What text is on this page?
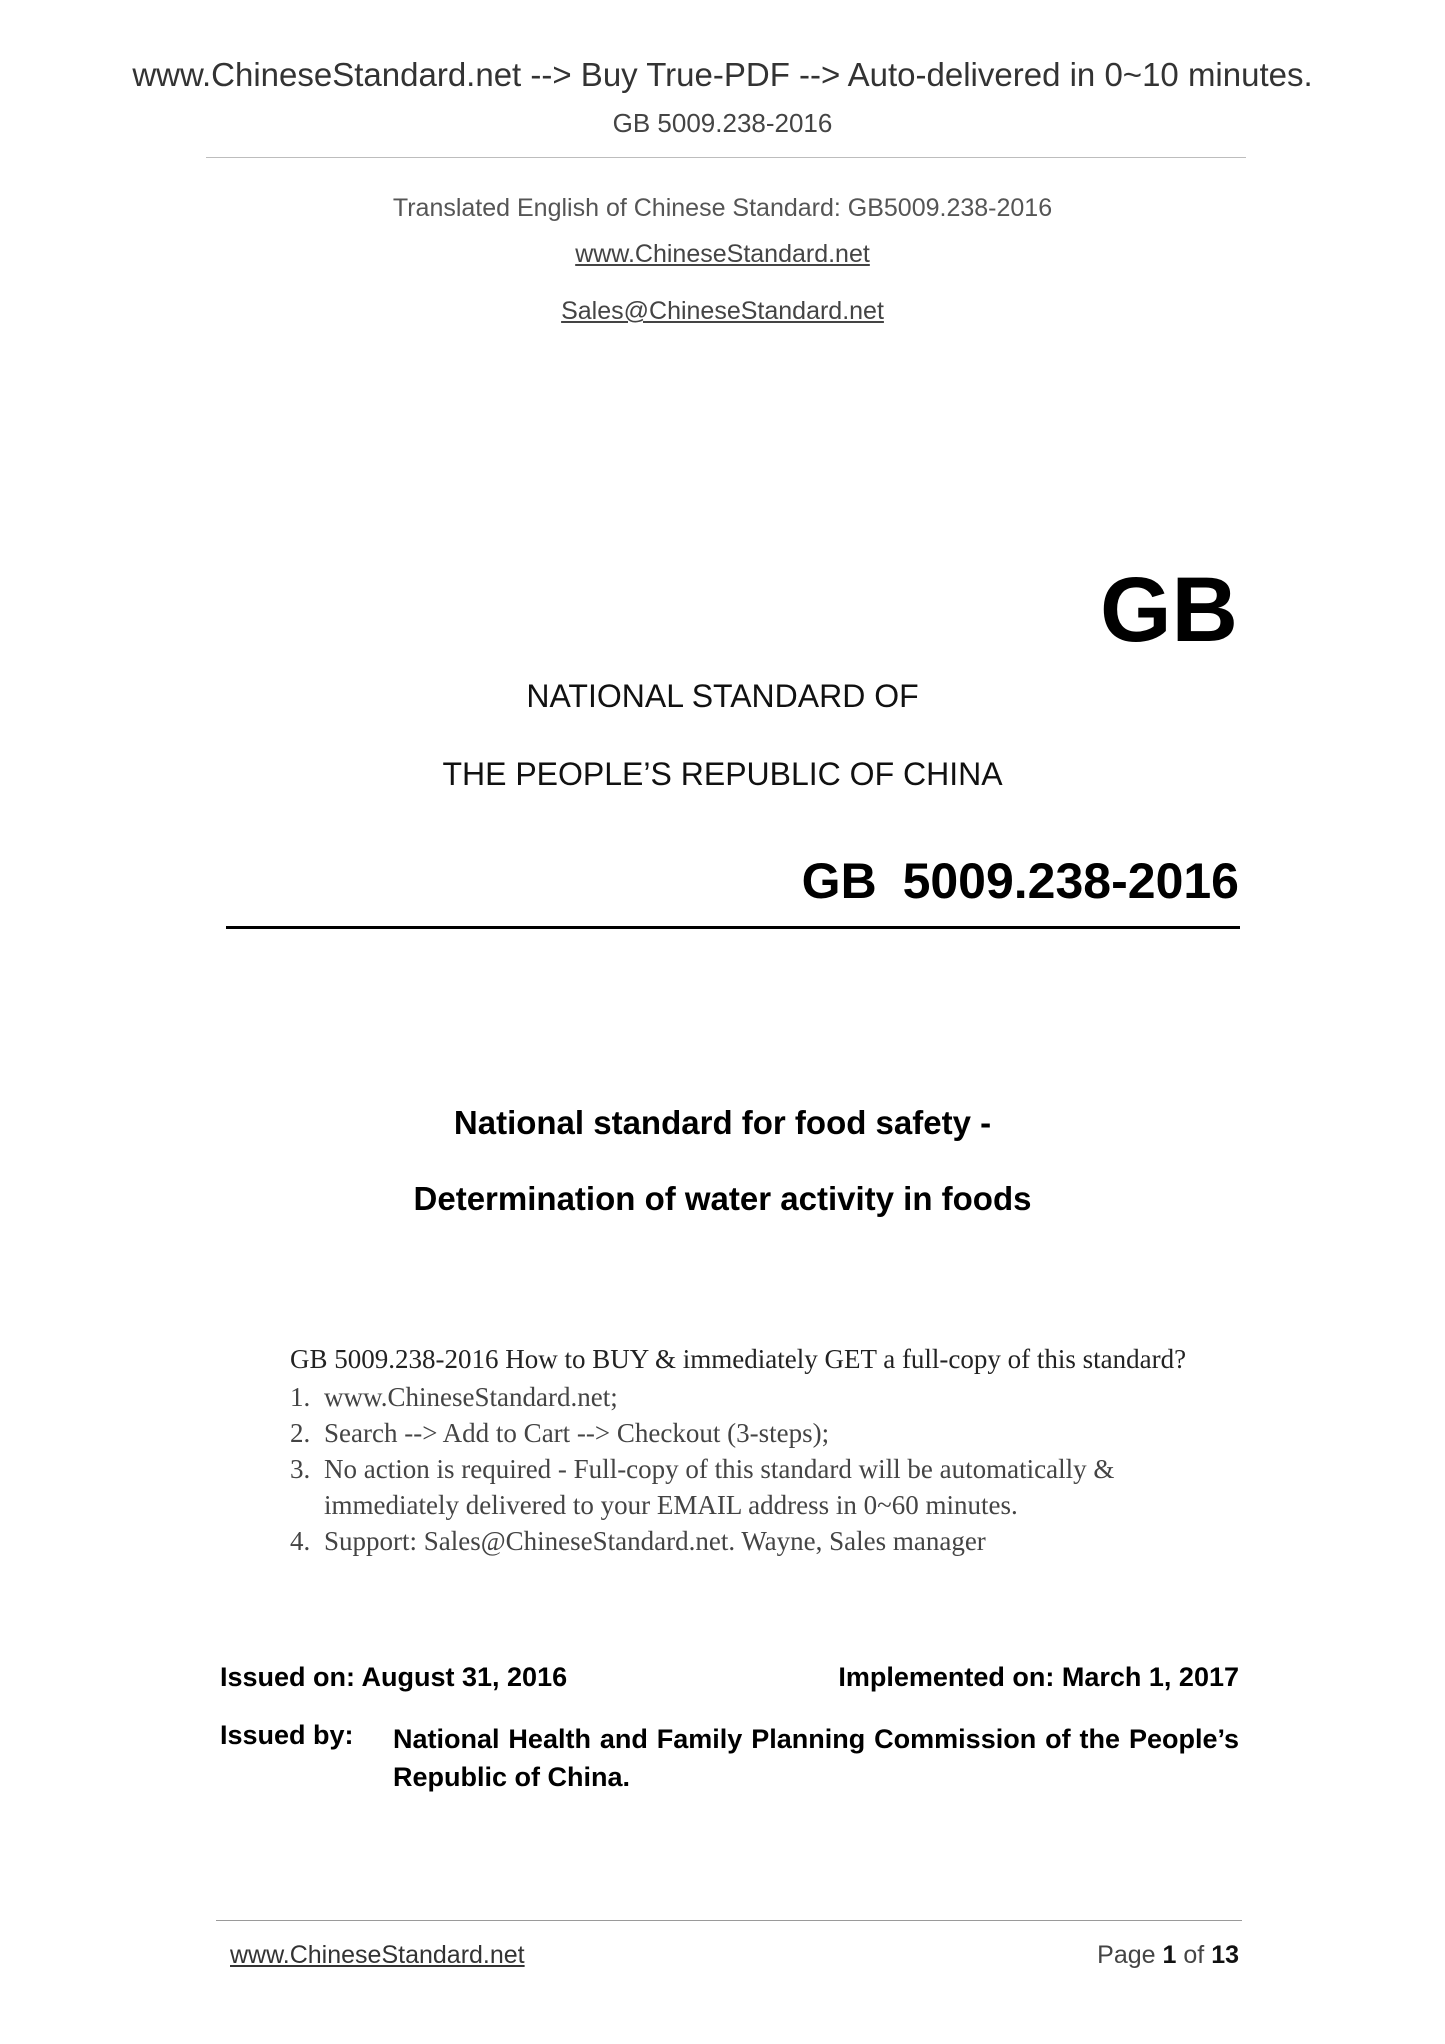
www.ChineseStandard.net --> Buy True-PDF --> Auto-delivered in 0~10 minutes.
GB 5009.238-2016
Translated English of Chinese Standard: GB5009.238-2016
www.ChineseStandard.net
Sales@ChineseStandard.net
GB
NATIONAL STANDARD OF
THE PEOPLE’S REPUBLIC OF CHINA
GB 5009.238-2016
National standard for food safety -
Determination of water activity in foods
GB 5009.238-2016 How to BUY & immediately GET a full-copy of this standard?
1. www.ChineseStandard.net;
2. Search --> Add to Cart --> Checkout (3-steps);
3. No action is required - Full-copy of this standard will be automatically & immediately delivered to your EMAIL address in 0~60 minutes.
4. Support: Sales@ChineseStandard.net. Wayne, Sales manager
Issued on: August 31, 2016	Implemented on: March 1, 2017
Issued by:	National Health and Family Planning Commission of the People’s Republic of China.
www.ChineseStandard.net	Page 1 of 13
